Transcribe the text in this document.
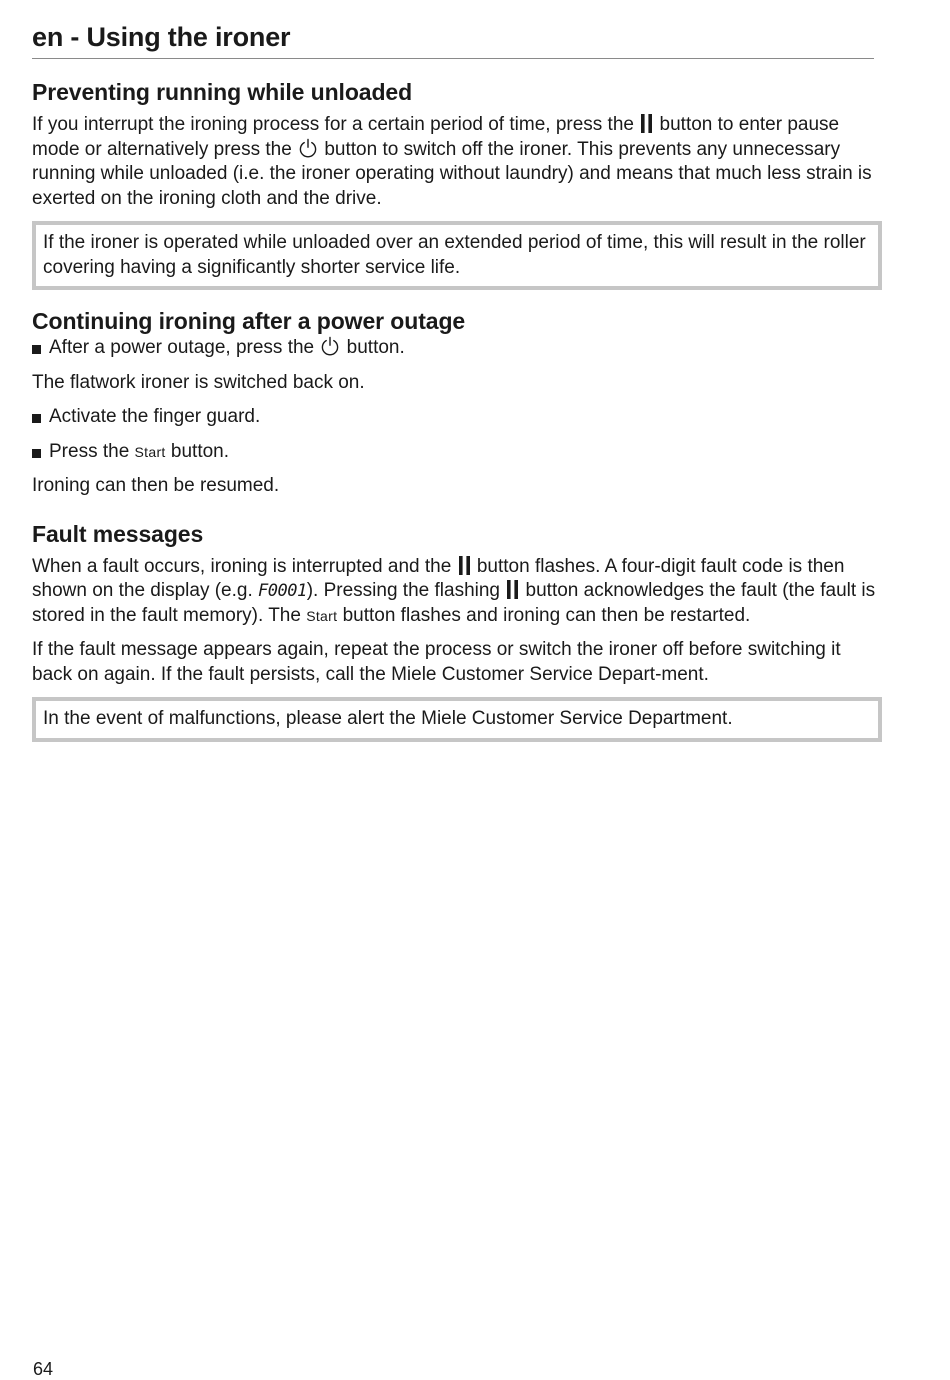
en - Using the ironer
Preventing running while unloaded

If you interrupt the ironing process for a certain period of time, press the  button to enter pause mode or alternatively press the  button to switch off the ironer. This prevents any unnecessary running while unloaded (i.e. the ironer operating without laundry) and means that much less strain is exerted on the ironing cloth and the drive.

If the ironer is operated while unloaded over an extended period of time, this will result in the roller covering having a significantly shorter service life.
Continuing ironing after a power outage
After a power outage, press the  button.

The flatwork ironer is switched back on.

Activate the finger guard.
Press the Start button.

Ironing can then be resumed.

Fault messages

When a fault occurs, ironing is interrupted and the  button flashes. A four-digit fault code is then shown on the display (e.g. F0001). Pressing the flashing  button acknowledges the fault (the fault is stored in the fault memory). The Start button flashes and ironing can then be restarted.

If the fault message appears again, repeat the process or switch the ironer off before switching it back on again. If the fault persists, call the Miele Customer Service Depart-ment.

In the event of malfunctions, please alert the Miele Customer Service Department.
64
